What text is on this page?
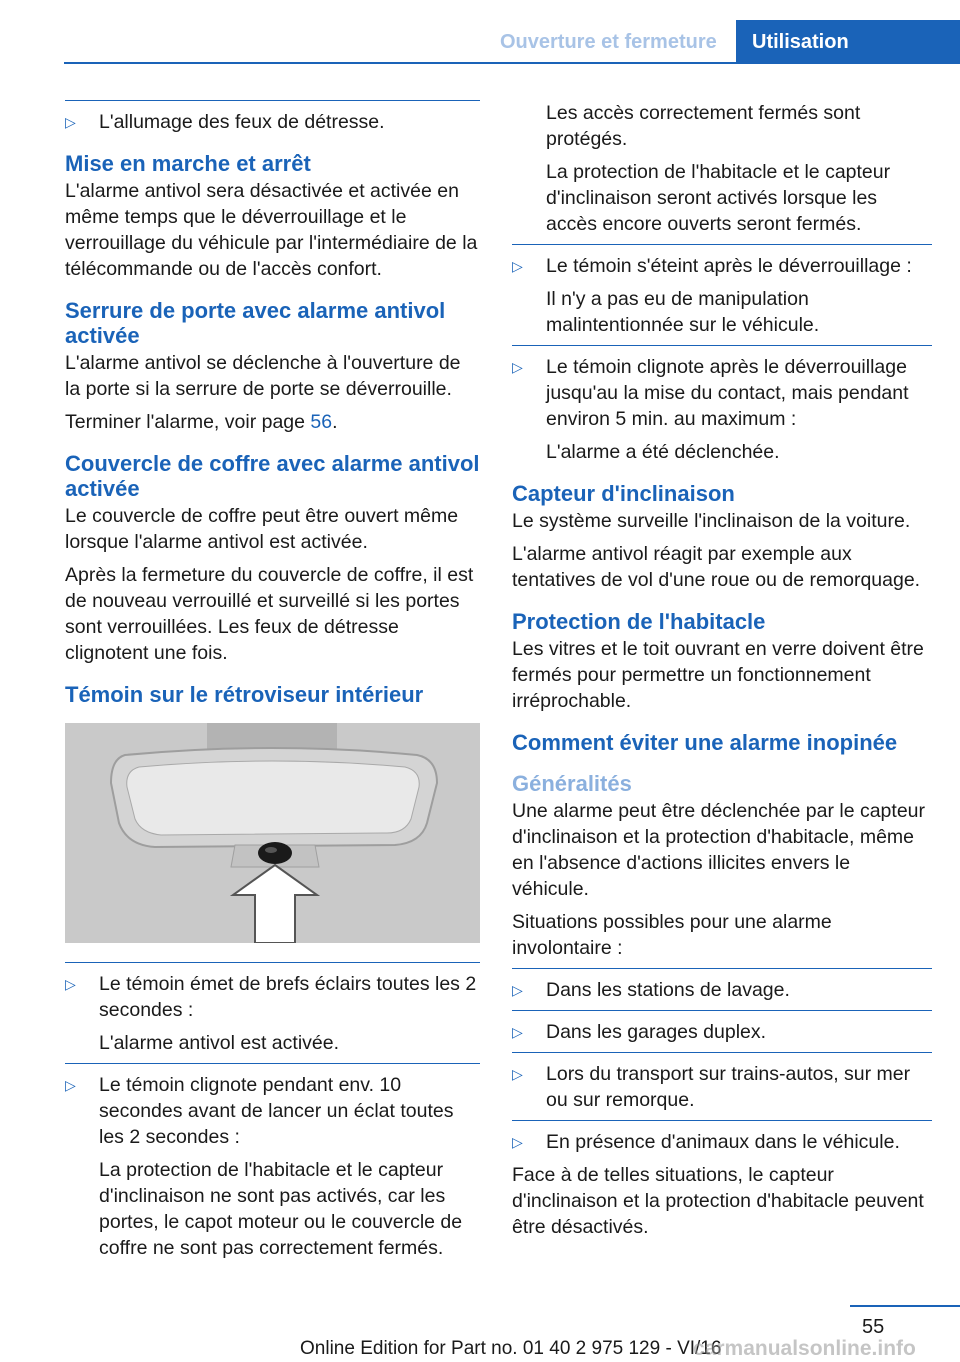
Ouverture et fermeture Utilisation
▷ L'allumage des feux de détresse.
Mise en marche et arrêt

L'alarme antivol sera désactivée et activée en même temps que le déverrouillage et le verrouillage du véhicule par l'intermédiaire de la télécommande ou de l'accès confort.

Serrure de porte avec alarme antivol activée

L'alarme antivol se déclenche à l'ouverture de la porte si la serrure de porte se déverrouille.

Terminer l'alarme, voir page 56.

Couvercle de coffre avec alarme antivol activée

Le couvercle de coffre peut être ouvert même lorsque l'alarme antivol est activée.

Après la fermeture du couvercle de coffre, il est de nouveau verrouillé et surveillé si les portes sont verrouillées. Les feux de détresse clignotent une fois.

Témoin sur le rétroviseur intérieur
▷ Le témoin émet de brefs éclairs toutes les 2 secondes :

L'alarme antivol est activée.

▷ Le témoin clignote pendant env. 10 secondes avant de lancer un éclat toutes les 2 secondes :

La protection de l'habitacle et le capteur d'inclinaison ne sont pas activés, car les portes, le capot moteur ou le couvercle de coffre ne sont pas correctement fermés.

Les accès correctement fermés sont protégés.

La protection de l'habitacle et le capteur d'inclinaison seront activés lorsque les accès encore ouverts seront fermés.

▷ Le témoin s'éteint après le déverrouillage :

Il n'y a pas eu de manipulation malintentionnée sur le véhicule.

▷ Le témoin clignote après le déverrouillage jusqu'au la mise du contact, mais pendant environ 5 min. au maximum :

L'alarme a été déclenchée.

Capteur d'inclinaison

Le système surveille l'inclinaison de la voiture.

L'alarme antivol réagit par exemple aux tentatives de vol d'une roue ou de remorquage.

Protection de l'habitacle

Les vitres et le toit ouvrant en verre doivent être fermés pour permettre un fonctionnement irréprochable.

Comment éviter une alarme inopinée
Généralités

Une alarme peut être déclenchée par le capteur d'inclinaison et la protection d'habitacle, même en l'absence d'actions illicites envers le véhicule.

Situations possibles pour une alarme involontaire :

▷ Dans les stations de lavage.
▷ Dans les garages duplex.
▷ Lors du transport sur trains-autos, sur mer ou sur remorque.
▷ En présence d'animaux dans le véhicule.

Face à de telles situations, le capteur d'inclinaison et la protection d'habitacle peuvent être désactivés.

55
Online Edition for Part no. 01 40 2 975 129 - VI/16
carmanualsonline.info
